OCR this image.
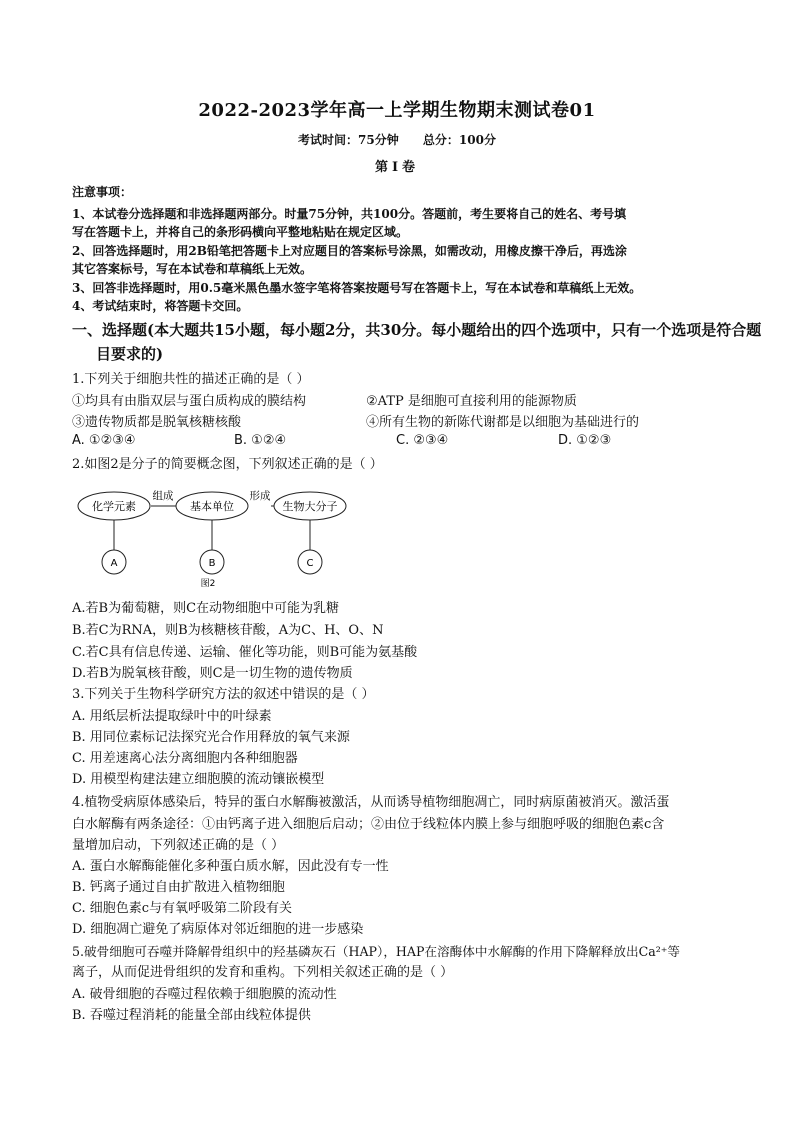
2022-2023学年高一上学期生物期末测试卷01
考试时间：75分钟 总分：100分
第Ⅰ卷
注意事项：
1、本试卷分选择题和非选择题两部分。时量75分钟，共100分。答题前，考生要将自己的姓名、考号填
写在答题卡上，并将自己的条形码横向平整地粘贴在规定区域。
2、回答选择题时，用2B铅笔把答题卡上对应题目的答案标号涂黑，如需改动，用橡皮擦干净后，再选涂
其它答案标号，写在本试卷和草稿纸上无效。
3、回答非选择题时，用0.5毫米黑色墨水签字笔将答案按题号写在答题卡上，写在本试卷和草稿纸上无效。
4、考试结束时，将答题卡交回。
一、选择题(本大题共15小题，每小题2分，共30分。每小题给出的四个选项中，只有一个选项是符合题
目要求的)
1.下列关于细胞共性的描述正确的是（ ）
①均具有由脂双层与蛋白质构成的膜结构	②ATP 是细胞可直接利用的能源物质
③遗传物质都是脱氧核糖核酸	④所有生物的新陈代谢都是以细胞为基础进行的
A. ①②③④	B. ①②④	C. ②③④	D. ①②③
2.如图2是分子的简要概念图，下列叙述正确的是（ ）
化学元素	基本单位	生物大分子
组成	形成
A	B	C
图2
A.若B为葡萄糖，则C在动物细胞中可能为乳糖
B.若C为RNA，则B为核糖核苷酸，A为C、H、O、N
C.若C具有信息传递、运输、催化等功能，则B可能为氨基酸
D.若B为脱氧核苷酸，则C是一切生物的遗传物质
3.下列关于生物科学研究方法的叙述中错误的是（ ）
A. 用纸层析法提取绿叶中的叶绿素
B. 用同位素标记法探究光合作用释放的氧气来源
C. 用差速离心法分离细胞内各种细胞器
D. 用模型构建法建立细胞膜的流动镶嵌模型
4.植物受病原体感染后，特异的蛋白水解酶被激活，从而诱导植物细胞凋亡，同时病原菌被消灭。激活蛋
白水解酶有两条途径：①由钙离子进入细胞后启动；②由位于线粒体内膜上参与细胞呼吸的细胞色素c含
量增加启动，下列叙述正确的是（ ）
A. 蛋白水解酶能催化多种蛋白质水解，因此没有专一性
B. 钙离子通过自由扩散进入植物细胞
C. 细胞色素c与有氧呼吸第二阶段有关
D. 细胞凋亡避免了病原体对邻近细胞的进一步感染
5.破骨细胞可吞噬并降解骨组织中的羟基磷灰石（HAP），HAP在溶酶体中水解酶的作用下降解释放出Ca²⁺等
离子，从而促进骨组织的发育和重构。下列相关叙述正确的是（ ）
A. 破骨细胞的吞噬过程依赖于细胞膜的流动性
B. 吞噬过程消耗的能量全部由线粒体提供
